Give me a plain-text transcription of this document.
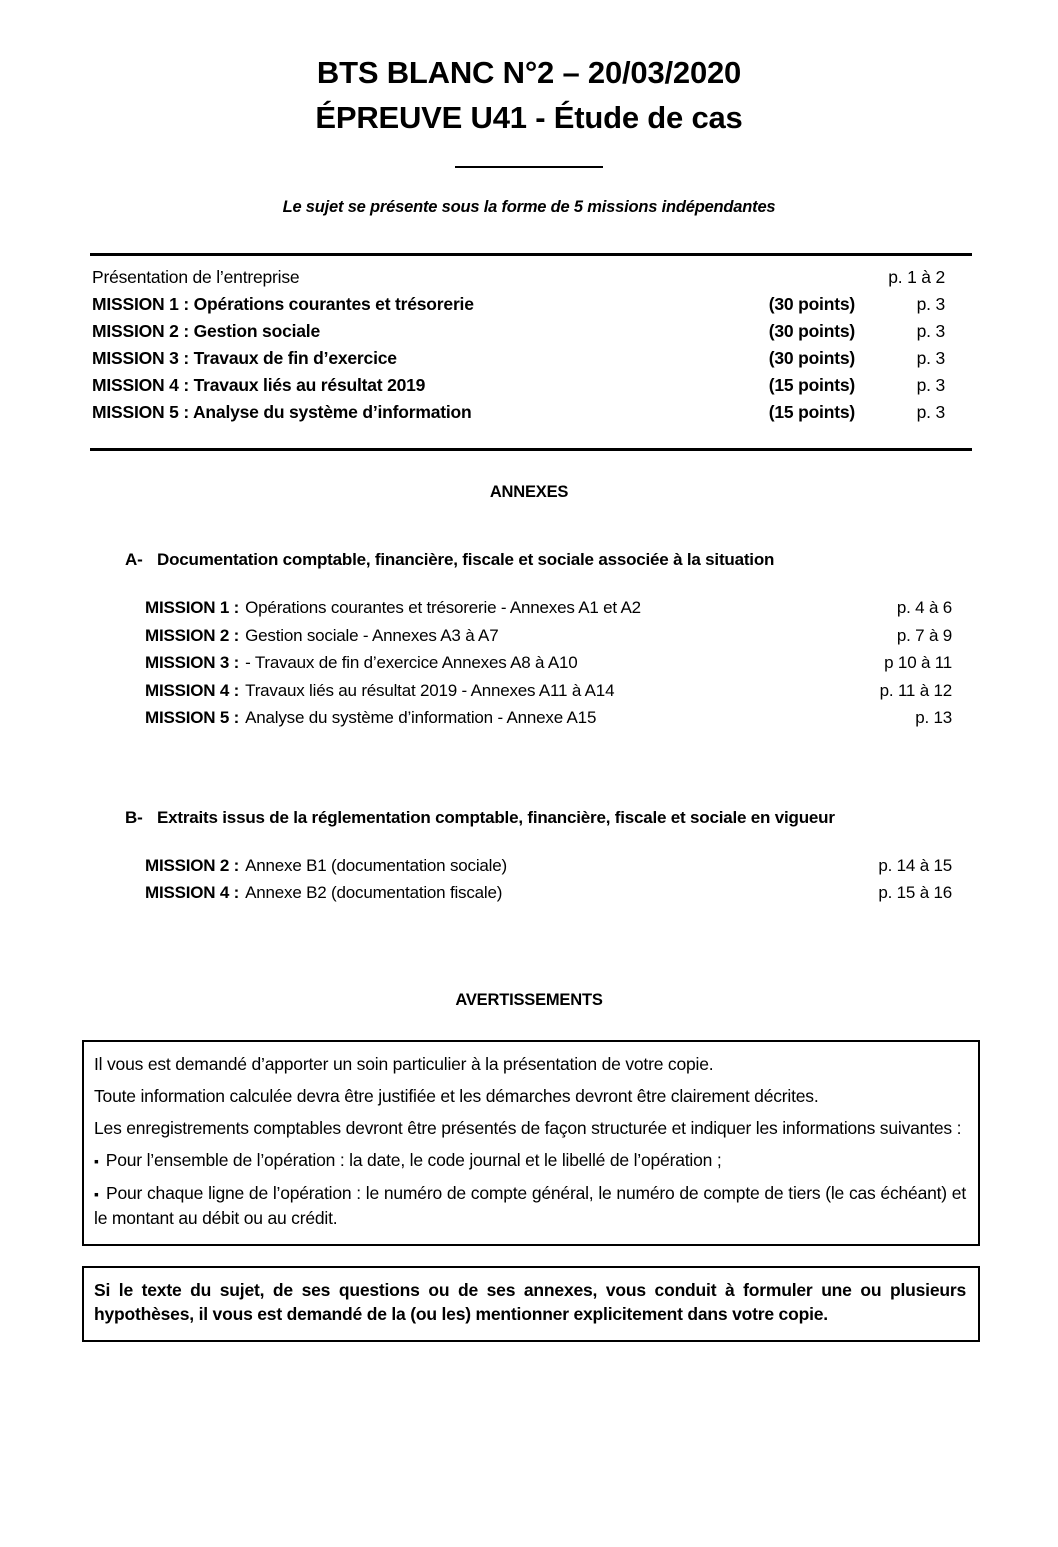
BTS BLANC N°2 – 20/03/2020
ÉPREUVE U41 - Étude de cas
Le sujet se présente sous la forme de 5 missions indépendantes
Présentation de l’entreprise	p. 1 à 2
MISSION 1 : Opérations courantes et trésorerie	(30 points)	p. 3
MISSION 2 : Gestion sociale	(30 points)	p. 3
MISSION 3 : Travaux de fin d’exercice	(30 points)	p. 3
MISSION 4 : Travaux liés au résultat 2019	(15 points)	p. 3
MISSION 5 : Analyse du système d’information	(15 points)	p. 3
ANNEXES
A- Documentation comptable, financière, fiscale et sociale associée à la situation
MISSION 1 : Opérations courantes et trésorerie - Annexes A1 et A2	p. 4 à 6
MISSION 2 : Gestion sociale - Annexes A3 à A7	p. 7 à 9
MISSION 3 : - Travaux de fin d’exercice Annexes A8 à A10	p 10 à 11
MISSION 4 : Travaux liés au résultat 2019 - Annexes A11 à A14	p. 11 à 12
MISSION 5 : Analyse du système d’information - Annexe A15	p. 13
B- Extraits issus de la réglementation comptable, financière, fiscale et sociale en vigueur
MISSION 2 : Annexe B1 (documentation sociale)	p. 14 à 15
MISSION 4 : Annexe B2 (documentation fiscale)	p. 15 à 16
AVERTISSEMENTS

Il vous est demandé d’apporter un soin particulier à la présentation de votre copie.

Toute information calculée devra être justifiée et les démarches devront être clairement décrites.

Les enregistrements comptables devront être présentés de façon structurée et indiquer les informations suivantes :

▪ Pour l’ensemble de l’opération : la date, le code journal et le libellé de l’opération ;

▪ Pour chaque ligne de l’opération : le numéro de compte général, le numéro de compte de tiers (le cas échéant) et le montant au débit ou au crédit.

Si le texte du sujet, de ses questions ou de ses annexes, vous conduit à formuler une ou plusieurs hypothèses, il vous est demandé de la (ou les) mentionner explicitement dans votre copie.
